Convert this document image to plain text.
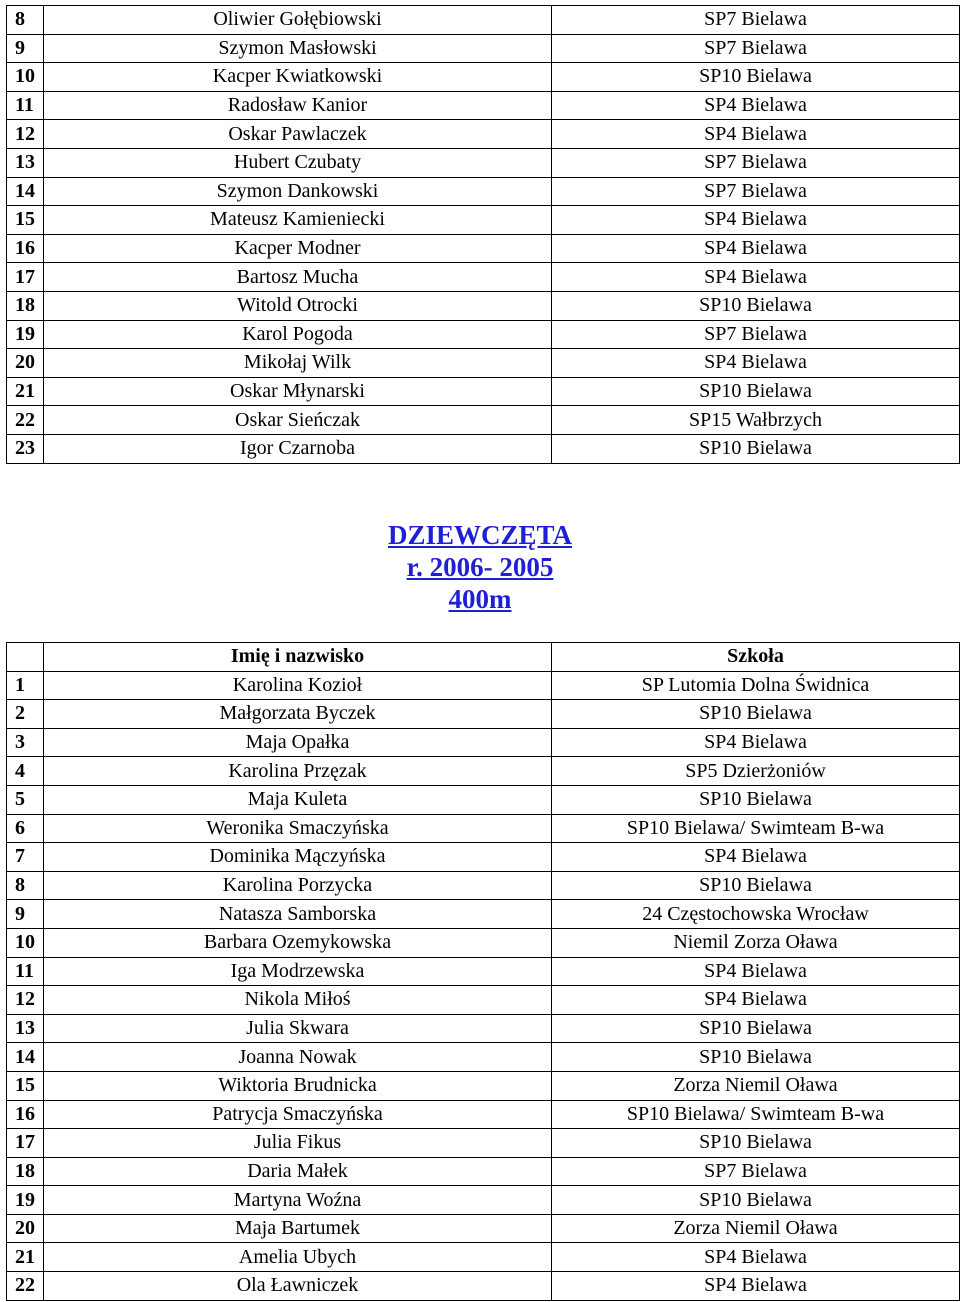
8	Oliwier Gołębiowski	SP7 Bielawa
9	Szymon Masłowski	SP7 Bielawa
10	Kacper Kwiatkowski	SP10 Bielawa
11	Radosław Kanior	SP4 Bielawa
12	Oskar Pawlaczek	SP4 Bielawa
13	Hubert Czubaty	SP7 Bielawa
14	Szymon Dankowski	SP7 Bielawa
15	Mateusz Kamieniecki	SP4 Bielawa
16	Kacper Modner	SP4 Bielawa
17	Bartosz Mucha	SP4 Bielawa
18	Witold Otrocki	SP10 Bielawa
19	Karol Pogoda	SP7 Bielawa
20	Mikołaj Wilk	SP4 Bielawa
21	Oskar Młynarski	SP10 Bielawa
22	Oskar Sieńczak	SP15 Wałbrzych
23	Igor Czarnoba	SP10 Bielawa
DZIEWCZĘTA
r. 2006- 2005
400m
	Imię i nazwisko	Szkoła
1	Karolina Kozioł	SP Lutomia Dolna Świdnica
2	Małgorzata Byczek	SP10 Bielawa
3	Maja Opałka	SP4 Bielawa
4	Karolina Przęzak	SP5 Dzierżoniów
5	Maja Kuleta	SP10 Bielawa
6	Weronika Smaczyńska	SP10 Bielawa/ Swimteam B-wa
7	Dominika Mączyńska	SP4 Bielawa
8	Karolina Porzycka	SP10 Bielawa
9	Natasza Samborska	24 Częstochowska Wrocław
10	Barbara Ozemykowska	Niemil Zorza Oława
11	Iga Modrzewska	SP4 Bielawa
12	Nikola Miłoś	SP4 Bielawa
13	Julia Skwara	SP10 Bielawa
14	Joanna Nowak	SP10 Bielawa
15	Wiktoria Brudnicka	Zorza Niemil Oława
16	Patrycja Smaczyńska	SP10 Bielawa/ Swimteam B-wa
17	Julia Fikus	SP10 Bielawa
18	Daria Małek	SP7 Bielawa
19	Martyna Woźna	SP10 Bielawa
20	Maja Bartumek	Zorza Niemil Oława
21	Amelia Ubych	SP4 Bielawa
22	Ola Ławniczek	SP4 Bielawa
